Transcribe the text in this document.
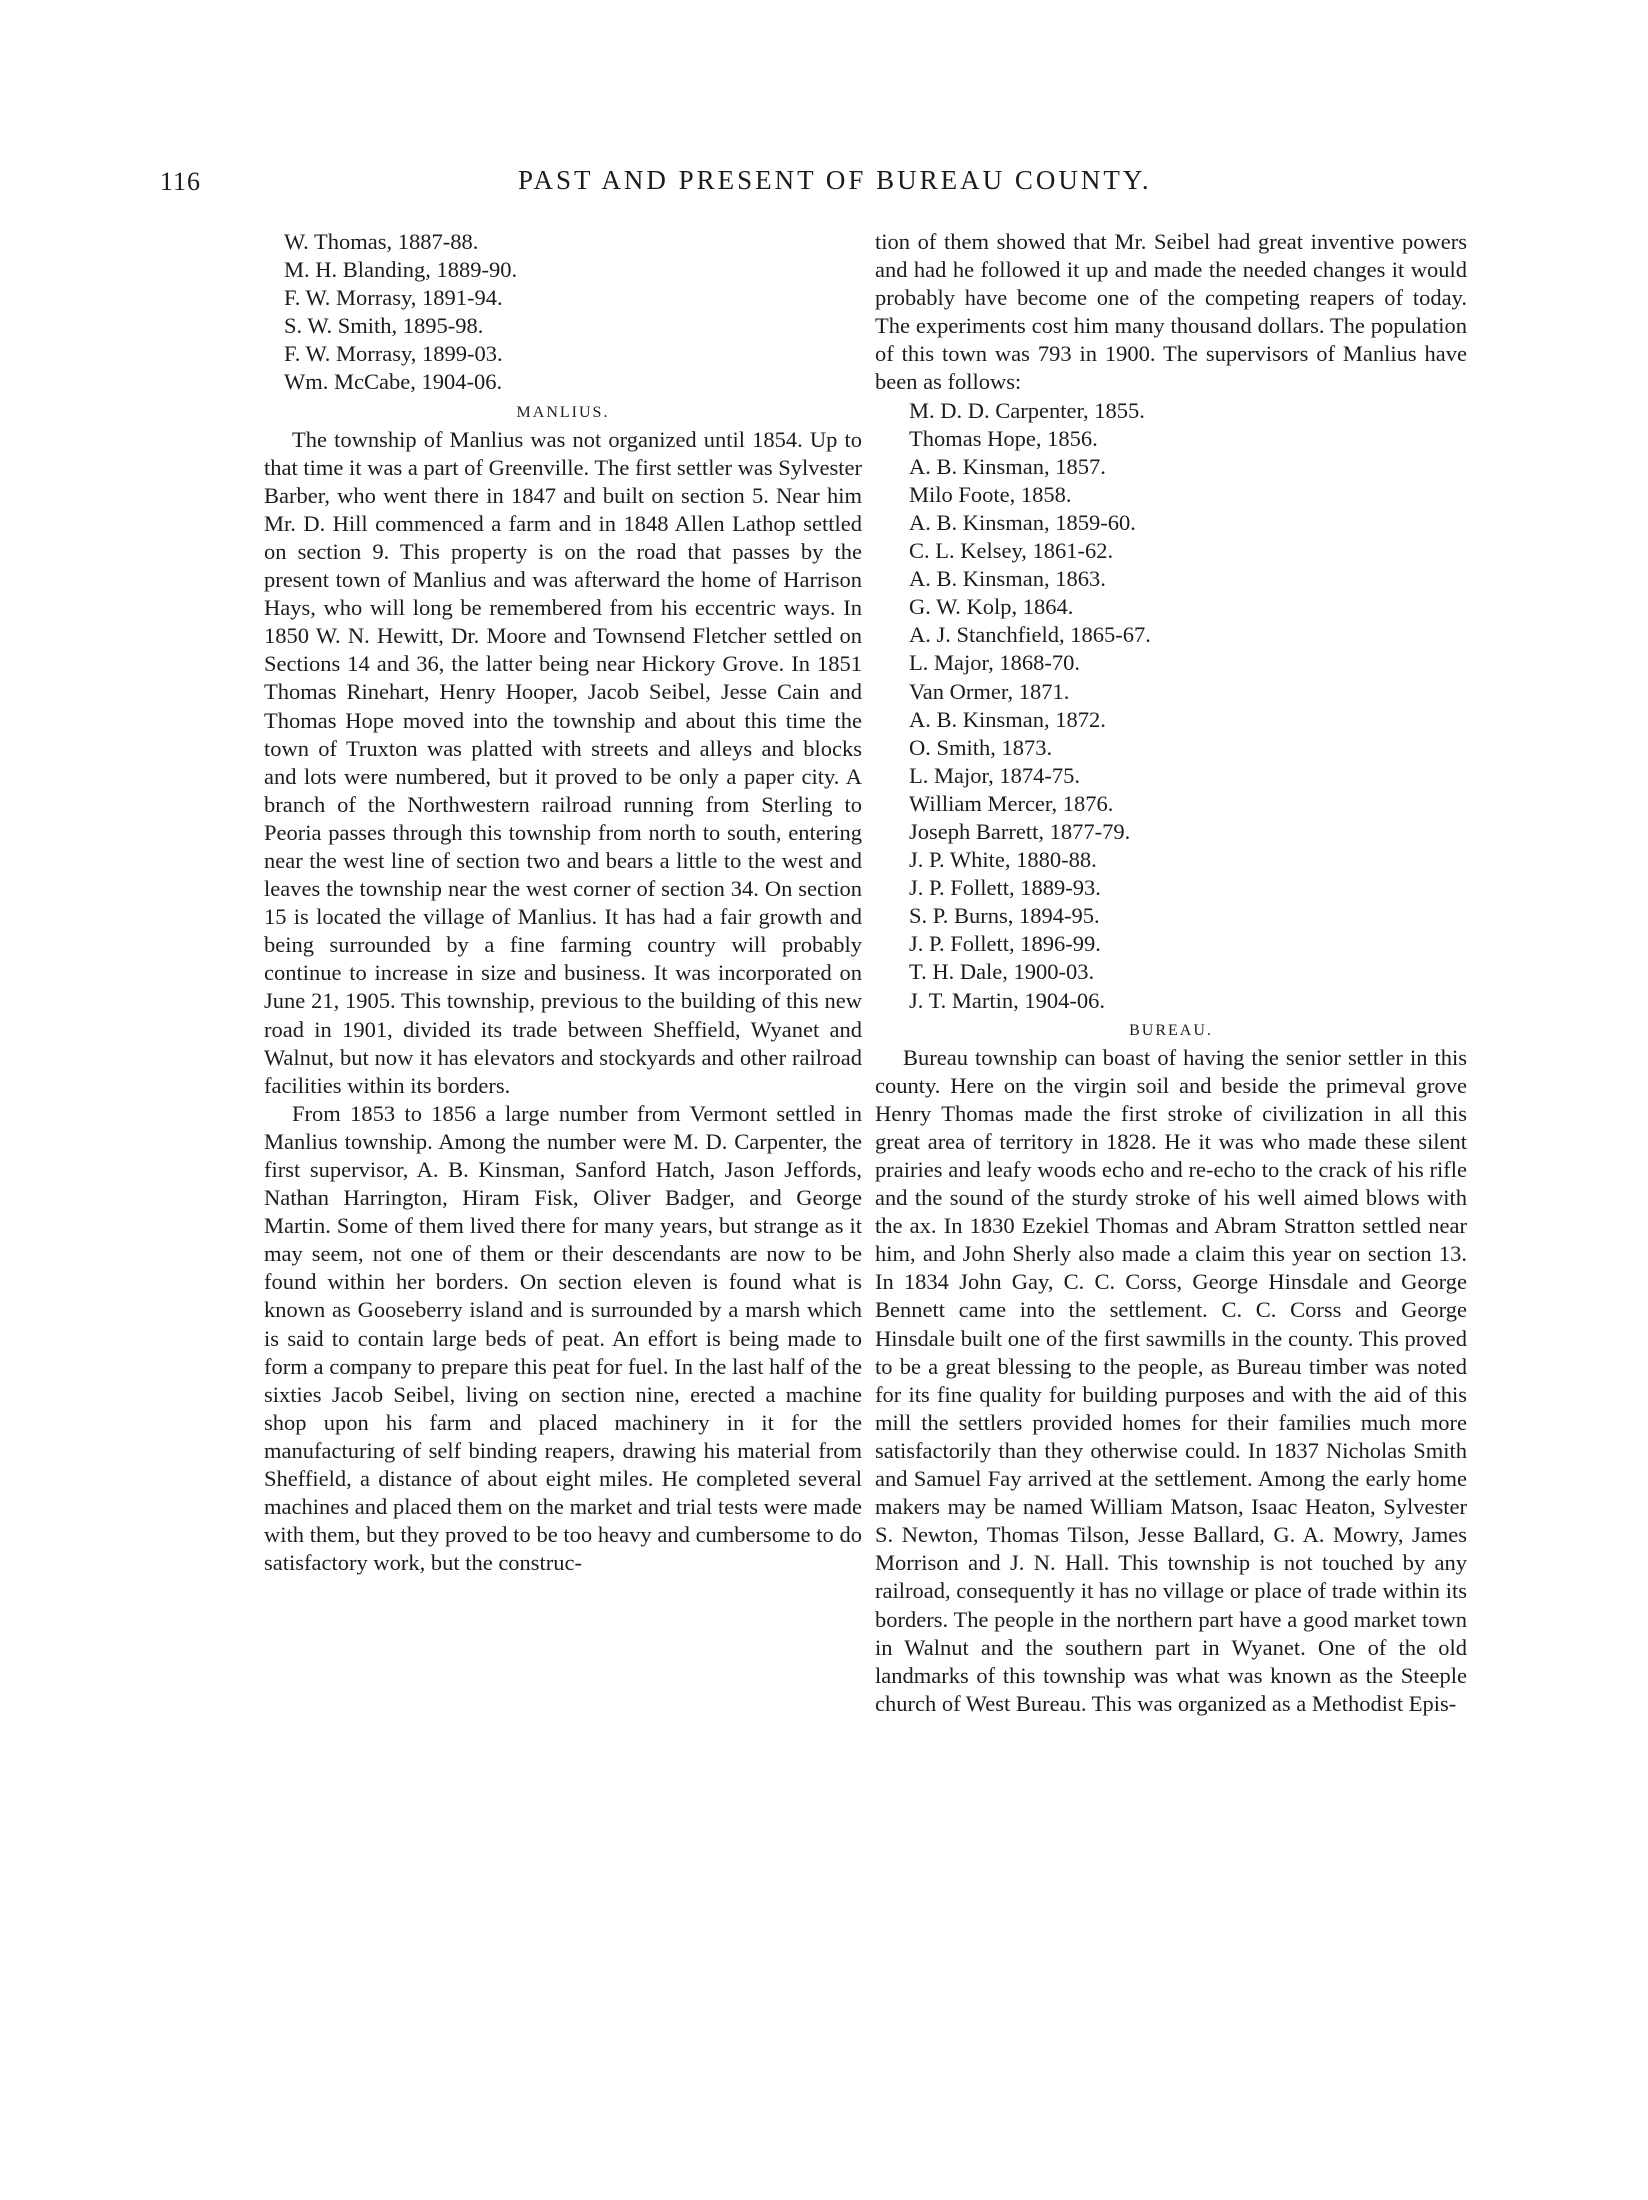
116	PAST AND PRESENT OF BUREAU COUNTY.

W. Thomas, 1887-88.

M. H. Blanding, 1889-90.

F. W. Morrasy, 1891-94.

S. W. Smith, 1895-98.

F. W. Morrasy, 1899-03.

Wm. McCabe, 1904-06.

MANLIUS.

The township of Manlius was not organized until 1854. Up to that time it was a part of Greenville. The first settler was Sylvester Barber, who went there in 1847 and built on section 5. Near him Mr. D. Hill commenced a farm and in 1848 Allen Lathop settled on section 9. This property is on the road that passes by the present town of Manlius and was afterward the home of Harrison Hays, who will long be remembered from his eccentric ways. In 1850 W. N. Hewitt, Dr. Moore and Townsend Fletcher settled on Sections 14 and 36, the latter being near Hickory Grove. In 1851 Thomas Rinehart, Henry Hooper, Jacob Seibel, Jesse Cain and Thomas Hope moved into the township and about this time the town of Truxton was platted with streets and alleys and blocks and lots were numbered, but it proved to be only a paper city. A branch of the Northwestern railroad running from Sterling to Peoria passes through this township from north to south, entering near the west line of section two and bears a little to the west and leaves the township near the west corner of section 34. On section 15 is located the village of Manlius. It has had a fair growth and being surrounded by a fine farming country will probably continue to increase in size and business. It was incorporated on June 21, 1905. This township, previous to the building of this new road in 1901, divided its trade between Sheffield, Wyanet and Walnut, but now it has elevators and stockyards and other railroad facilities within its borders.

From 1853 to 1856 a large number from Vermont settled in Manlius township. Among the number were M. D. Carpenter, the first supervisor, A. B. Kinsman, Sanford Hatch, Jason Jeffords, Nathan Harrington, Hiram Fisk, Oliver Badger, and George Martin. Some of them lived there for many years, but strange as it may seem, not one of them or their descendants are now to be found within her borders. On section eleven is found what is known as Gooseberry island and is surrounded by a marsh which is said to contain large beds of peat. An effort is being made to form a company to prepare this peat for fuel. In the last half of the sixties Jacob Seibel, living on section nine, erected a machine shop upon his farm and placed machinery in it for the manufacturing of self binding reapers, drawing his material from Sheffield, a distance of about eight miles. He completed several machines and placed them on the market and trial tests were made with them, but they proved to be too heavy and cumbersome to do satisfactory work, but the construc-

tion of them showed that Mr. Seibel had great inventive powers and had he followed it up and made the needed changes it would probably have become one of the competing reapers of today. The experiments cost him many thousand dollars. The population of this town was 793 in 1900. The supervisors of Manlius have been as follows:

M. D. D. Carpenter, 1855.

Thomas Hope, 1856.

A. B. Kinsman, 1857.

Milo Foote, 1858.

A. B. Kinsman, 1859-60.

C. L. Kelsey, 1861-62.

A. B. Kinsman, 1863.

G. W. Kolp, 1864.

A. J. Stanchfield, 1865-67.

L. Major, 1868-70.

Van Ormer, 1871.

A. B. Kinsman, 1872.

O. Smith, 1873.

L. Major, 1874-75.

William Mercer, 1876.

Joseph Barrett, 1877-79.

J. P. White, 1880-88.

J. P. Follett, 1889-93.

S. P. Burns, 1894-95.

J. P. Follett, 1896-99.

T. H. Dale, 1900-03.

J. T. Martin, 1904-06.

BUREAU.

Bureau township can boast of having the senior settler in this county. Here on the virgin soil and beside the primeval grove Henry Thomas made the first stroke of civilization in all this great area of territory in 1828. He it was who made these silent prairies and leafy woods echo and re-echo to the crack of his rifle and the sound of the sturdy stroke of his well aimed blows with the ax. In 1830 Ezekiel Thomas and Abram Stratton settled near him, and John Sherly also made a claim this year on section 13. In 1834 John Gay, C. C. Corss, George Hinsdale and George Bennett came into the settlement. C. C. Corss and George Hinsdale built one of the first sawmills in the county. This proved to be a great blessing to the people, as Bureau timber was noted for its fine quality for building purposes and with the aid of this mill the settlers provided homes for their families much more satisfactorily than they otherwise could. In 1837 Nicholas Smith and Samuel Fay arrived at the settlement. Among the early home makers may be named William Matson, Isaac Heaton, Sylvester S. Newton, Thomas Tilson, Jesse Ballard, G. A. Mowry, James Morrison and J. N. Hall. This township is not touched by any railroad, consequently it has no village or place of trade within its borders. The people in the northern part have a good market town in Walnut and the southern part in Wyanet. One of the old landmarks of this township was what was known as the Steeple church of West Bureau. This was organized as a Methodist Epis-
